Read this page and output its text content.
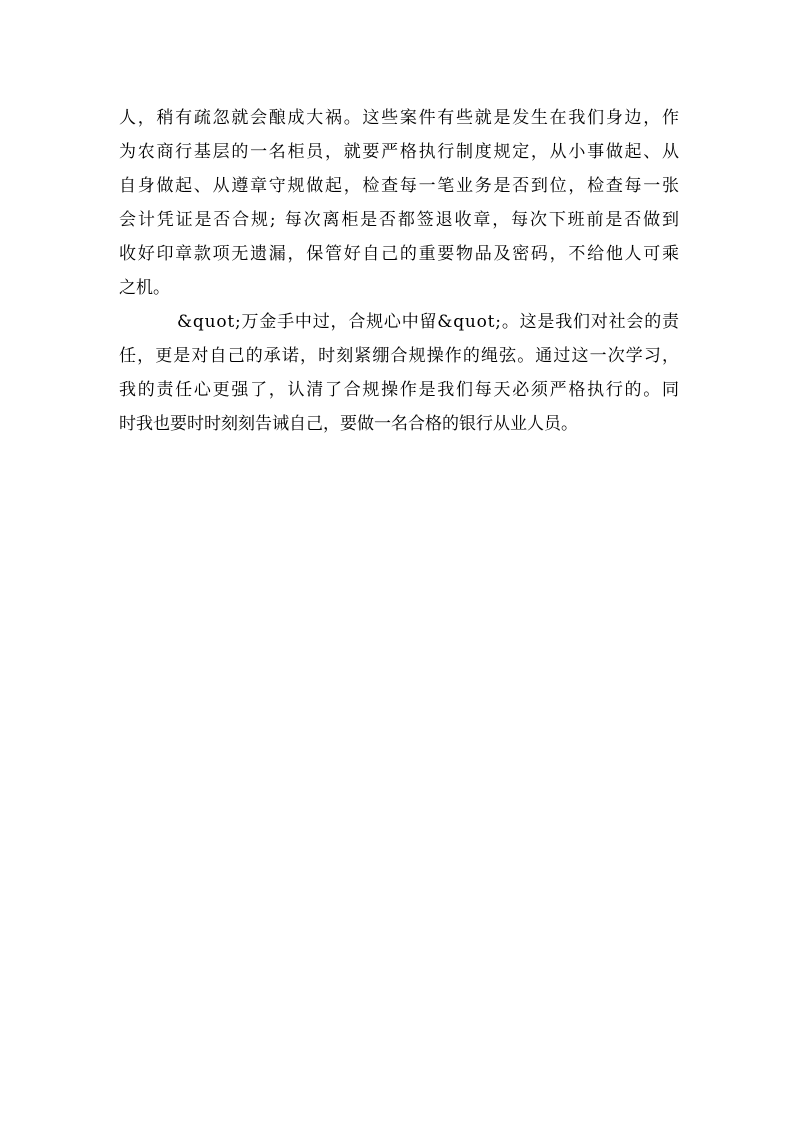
人，稍有疏忽就会酿成大祸。这些案件有些就是发生在我们身边，作
为农商行基层的一名柜员，就要严格执行制度规定，从小事做起、从
自身做起、从遵章守规做起，检查每一笔业务是否到位，检查每一张
会计凭证是否合规; 每次离柜是否都签退收章，每次下班前是否做到
收好印章款项无遗漏，保管好自己的重要物品及密码，不给他人可乘
之机。
&quot;万金手中过，合规心中留&quot;。这是我们对社会的责
任，更是对自己的承诺，时刻紧绷合规操作的绳弦。通过这一次学习，
我的责任心更强了，认清了合规操作是我们每天必须严格执行的。同
时我也要时时刻刻告诫自己，要做一名合格的银行从业人员。
